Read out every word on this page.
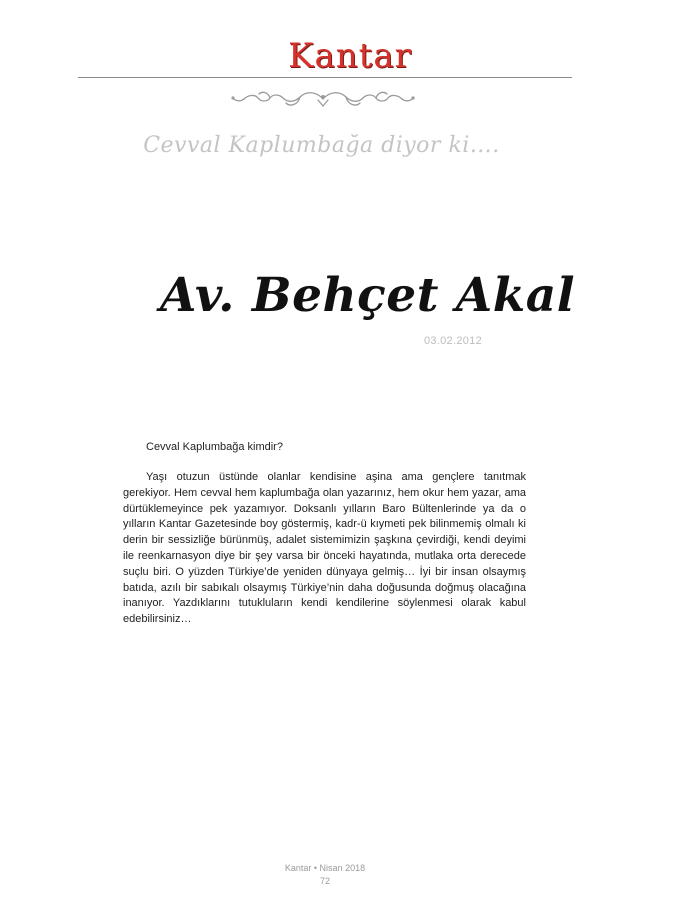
Kantar
Cevval Kaplumbağa diyor ki….
Av. Behçet Akal
03.02.2012
Cevval Kaplumbağa kimdir?

Yaşı otuzun üstünde olanlar kendisine aşina ama gençlere tanıtmak gerekiyor. Hem cevval hem kaplumbağa olan yazarınız, hem okur hem yazar, ama dürtüklemeyince pek yazamıyor. Doksanlı yılların Baro Bültenlerinde ya da o yılların Kantar Gazetesinde boy göstermiş, kadr-ü kıymeti pek bilinmemiş olmalı ki derin bir sessizliğe bürünmüş, adalet sistemimizin şaşkına çevirdiği, kendi deyimi ile reenkarnasyon diye bir şey varsa bir önceki hayatında, mutlaka orta derecede suçlu biri. O yüzden Türkiye’de yeniden dünyaya gelmiş… İyi bir insan olsaymış batıda, azılı bir sabıkalı olsaymış Türkiye’nin daha doğusunda doğmuş olacağına inanıyor. Yazdıklarını tutukluların kendi kendilerine söylenmesi olarak kabul edebilirsiniz…

Kantar • Nisan 2018
72
